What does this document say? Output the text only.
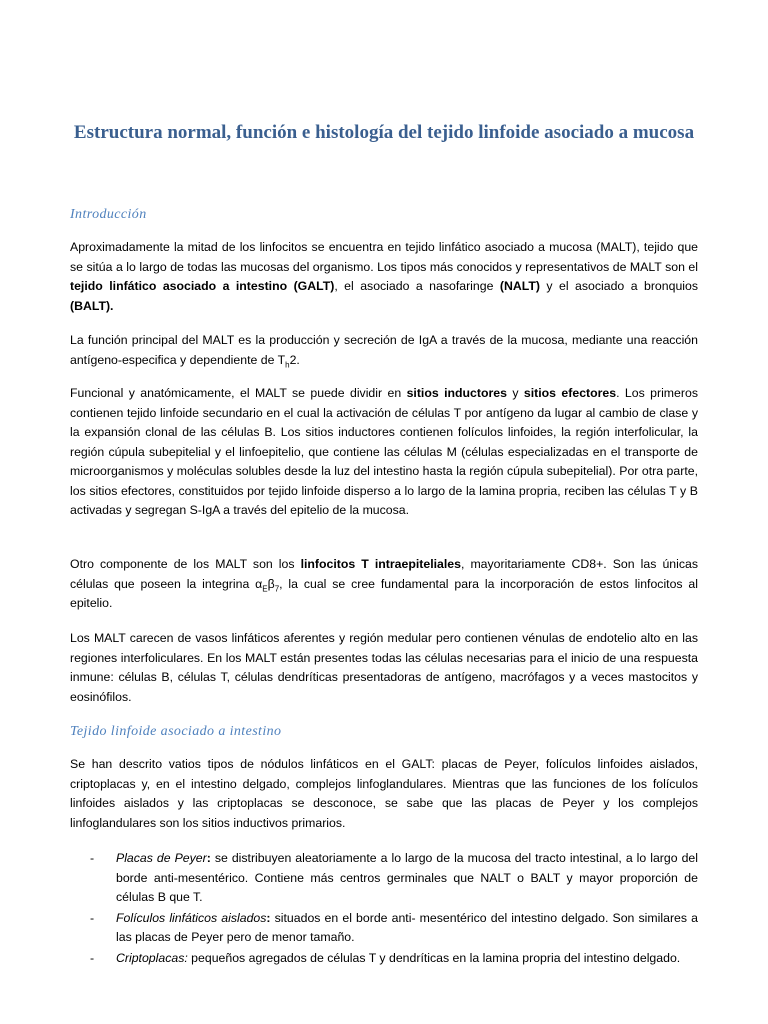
Estructura normal, función e histología del tejido linfoide asociado a mucosa
Introducción

Aproximadamente la mitad de los linfocitos se encuentra en tejido linfático asociado a mucosa (MALT), tejido que se sitúa a lo largo de todas las mucosas del organismo. Los tipos más conocidos y representativos de MALT son el tejido linfático asociado a intestino (GALT), el asociado a nasofaringe (NALT) y el asociado a bronquios (BALT).

La función principal del MALT es la producción y secreción de IgA a través de la mucosa, mediante una reacción antígeno-especifica y dependiente de $T_h2$.

Funcional y anatómicamente, el MALT se puede dividir en sitios inductores y sitios efectores. Los primeros contienen tejido linfoide secundario en el cual la activación de células T por antígeno da lugar al cambio de clase y la expansión clonal de las células B. Los sitios inductores contienen folículos linfoides, la región interfolicular, la región cúpula subepitelial y el linfoepitelio, que contiene las células M (células especializadas en el transporte de microorganismos y moléculas solubles desde la luz del intestino hasta la región cúpula subepitelial). Por otra parte, los sitios efectores, constituidos por tejido linfoide disperso a lo largo de la lamina propria, reciben las células T y B activadas y segregan S-IgA a través del epitelio de la mucosa.

Otro componente de los MALT son los linfocitos T intraepiteliales, mayoritariamente CD8+. Son las únicas células que poseen la integrina $\alpha_E\beta_7$, la cual se cree fundamental para la incorporación de estos linfocitos al epitelio.

Los MALT carecen de vasos linfáticos aferentes y región medular pero contienen vénulas de endotelio alto en las regiones interfoliculares. En los MALT están presentes todas las células necesarias para el inicio de una respuesta inmune: células B, células T, células dendríticas presentadoras de antígeno, macrófagos y a veces mastocitos y eosinófilos.

Tejido linfoide asociado a intestino

Se han descrito vatios tipos de nódulos linfáticos en el GALT: placas de Peyer, folículos linfoides aislados, criptoplacas y, en el intestino delgado, complejos linfoglandulares. Mientras que las funciones de los folículos linfoides aislados y las criptoplacas se desconoce, se sabe que las placas de Peyer y los complejos linfoglandulares son los sitios inductivos primarios.

- Placas de Peyer: se distribuyen aleatoriamente a lo largo de la mucosa del tracto intestinal, a lo largo del borde anti-mesentérico. Contiene más centros germinales que NALT o BALT y mayor proporción de células B que T.
- Folículos linfáticos aislados: situados en el borde anti- mesentérico del intestino delgado. Son similares a las placas de Peyer pero de menor tamaño.
- Criptoplacas: pequeños agregados de células T y dendríticas en la lamina propria del intestino delgado.
